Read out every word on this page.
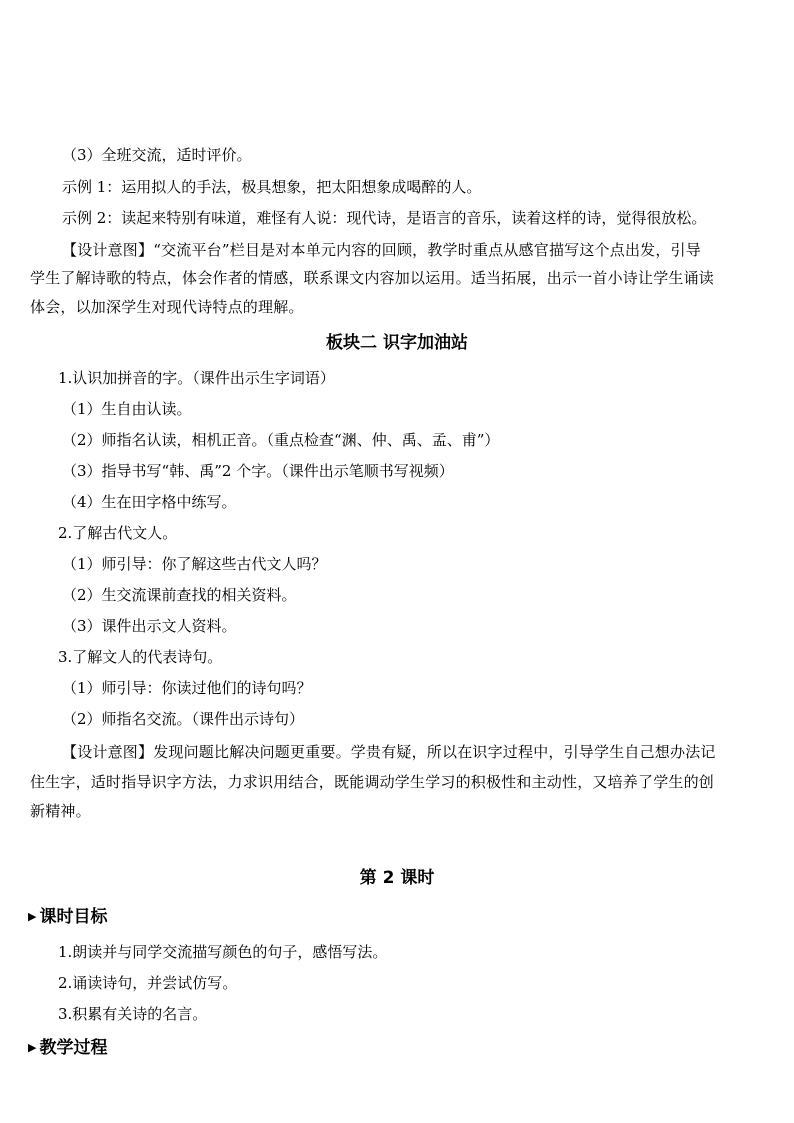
（3）全班交流，适时评价。
示例 1：运用拟人的手法，极具想象，把太阳想象成喝醉的人。
示例 2：读起来特别有味道，难怪有人说：现代诗，是语言的音乐，读着这样的诗，觉得很放松。
【设计意图】“交流平台”栏目是对本单元内容的回顾，教学时重点从感官描写这个点出发，引导
学生了解诗歌的特点，体会作者的情感，联系课文内容加以运用。适当拓展，出示一首小诗让学生诵读
体会，以加深学生对现代诗特点的理解。
板块二 识字加油站
1.认识加拼音的字。（课件出示生字词语）
（1）生自由认读。
（2）师指名认读，相机正音。（重点检查“渊、仲、禹、孟、甫”）
（3）指导书写“韩、禹”2 个字。（课件出示笔顺书写视频）
（4）生在田字格中练写。
2.了解古代文人。
（1）师引导：你了解这些古代文人吗？
（2）生交流课前查找的相关资料。
（3）课件出示文人资料。
3.了解文人的代表诗句。
（1）师引导：你读过他们的诗句吗？
（2）师指名交流。（课件出示诗句）
【设计意图】发现问题比解决问题更重要。学贵有疑，所以在识字过程中，引导学生自己想办法记
住生字，适时指导识字方法，力求识用结合，既能调动学生学习的积极性和主动性，又培养了学生的创
新精神。
第 2 课时
▶ 课时目标
1.朗读并与同学交流描写颜色的句子，感悟写法。
2.诵读诗句，并尝试仿写。
3.积累有关诗的名言。
▶ 教学过程
